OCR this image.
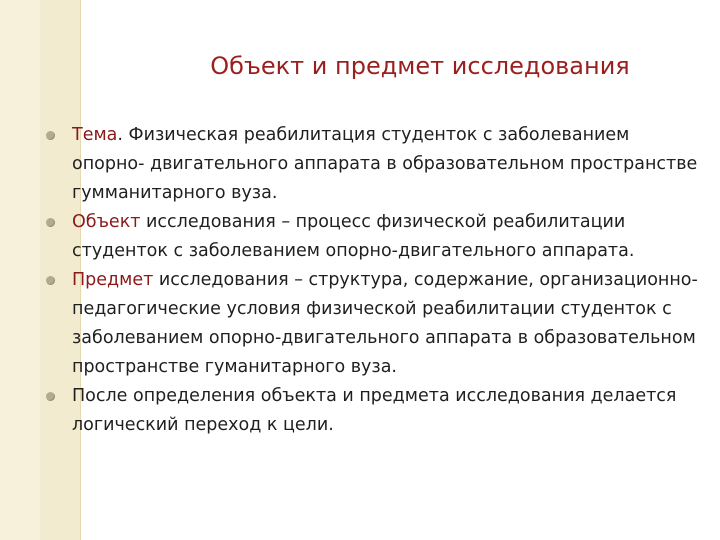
Объект и предмет исследования
Тема. Физическая реабилитация студенток с заболеванием опорно- двигательного аппарата в образовательном пространстве гумманитарного вуза.
Объект исследования – процесс физической реабилитации студенток с заболеванием опорно-двигательного аппарата.
Предмет исследования – структура, содержание, организационно-педагогические условия физической реабилитации студенток с заболеванием опорно-двигательного аппарата в образовательном пространстве гуманитарного вуза.
После определения объекта и предмета исследования делается логический переход к цели.
